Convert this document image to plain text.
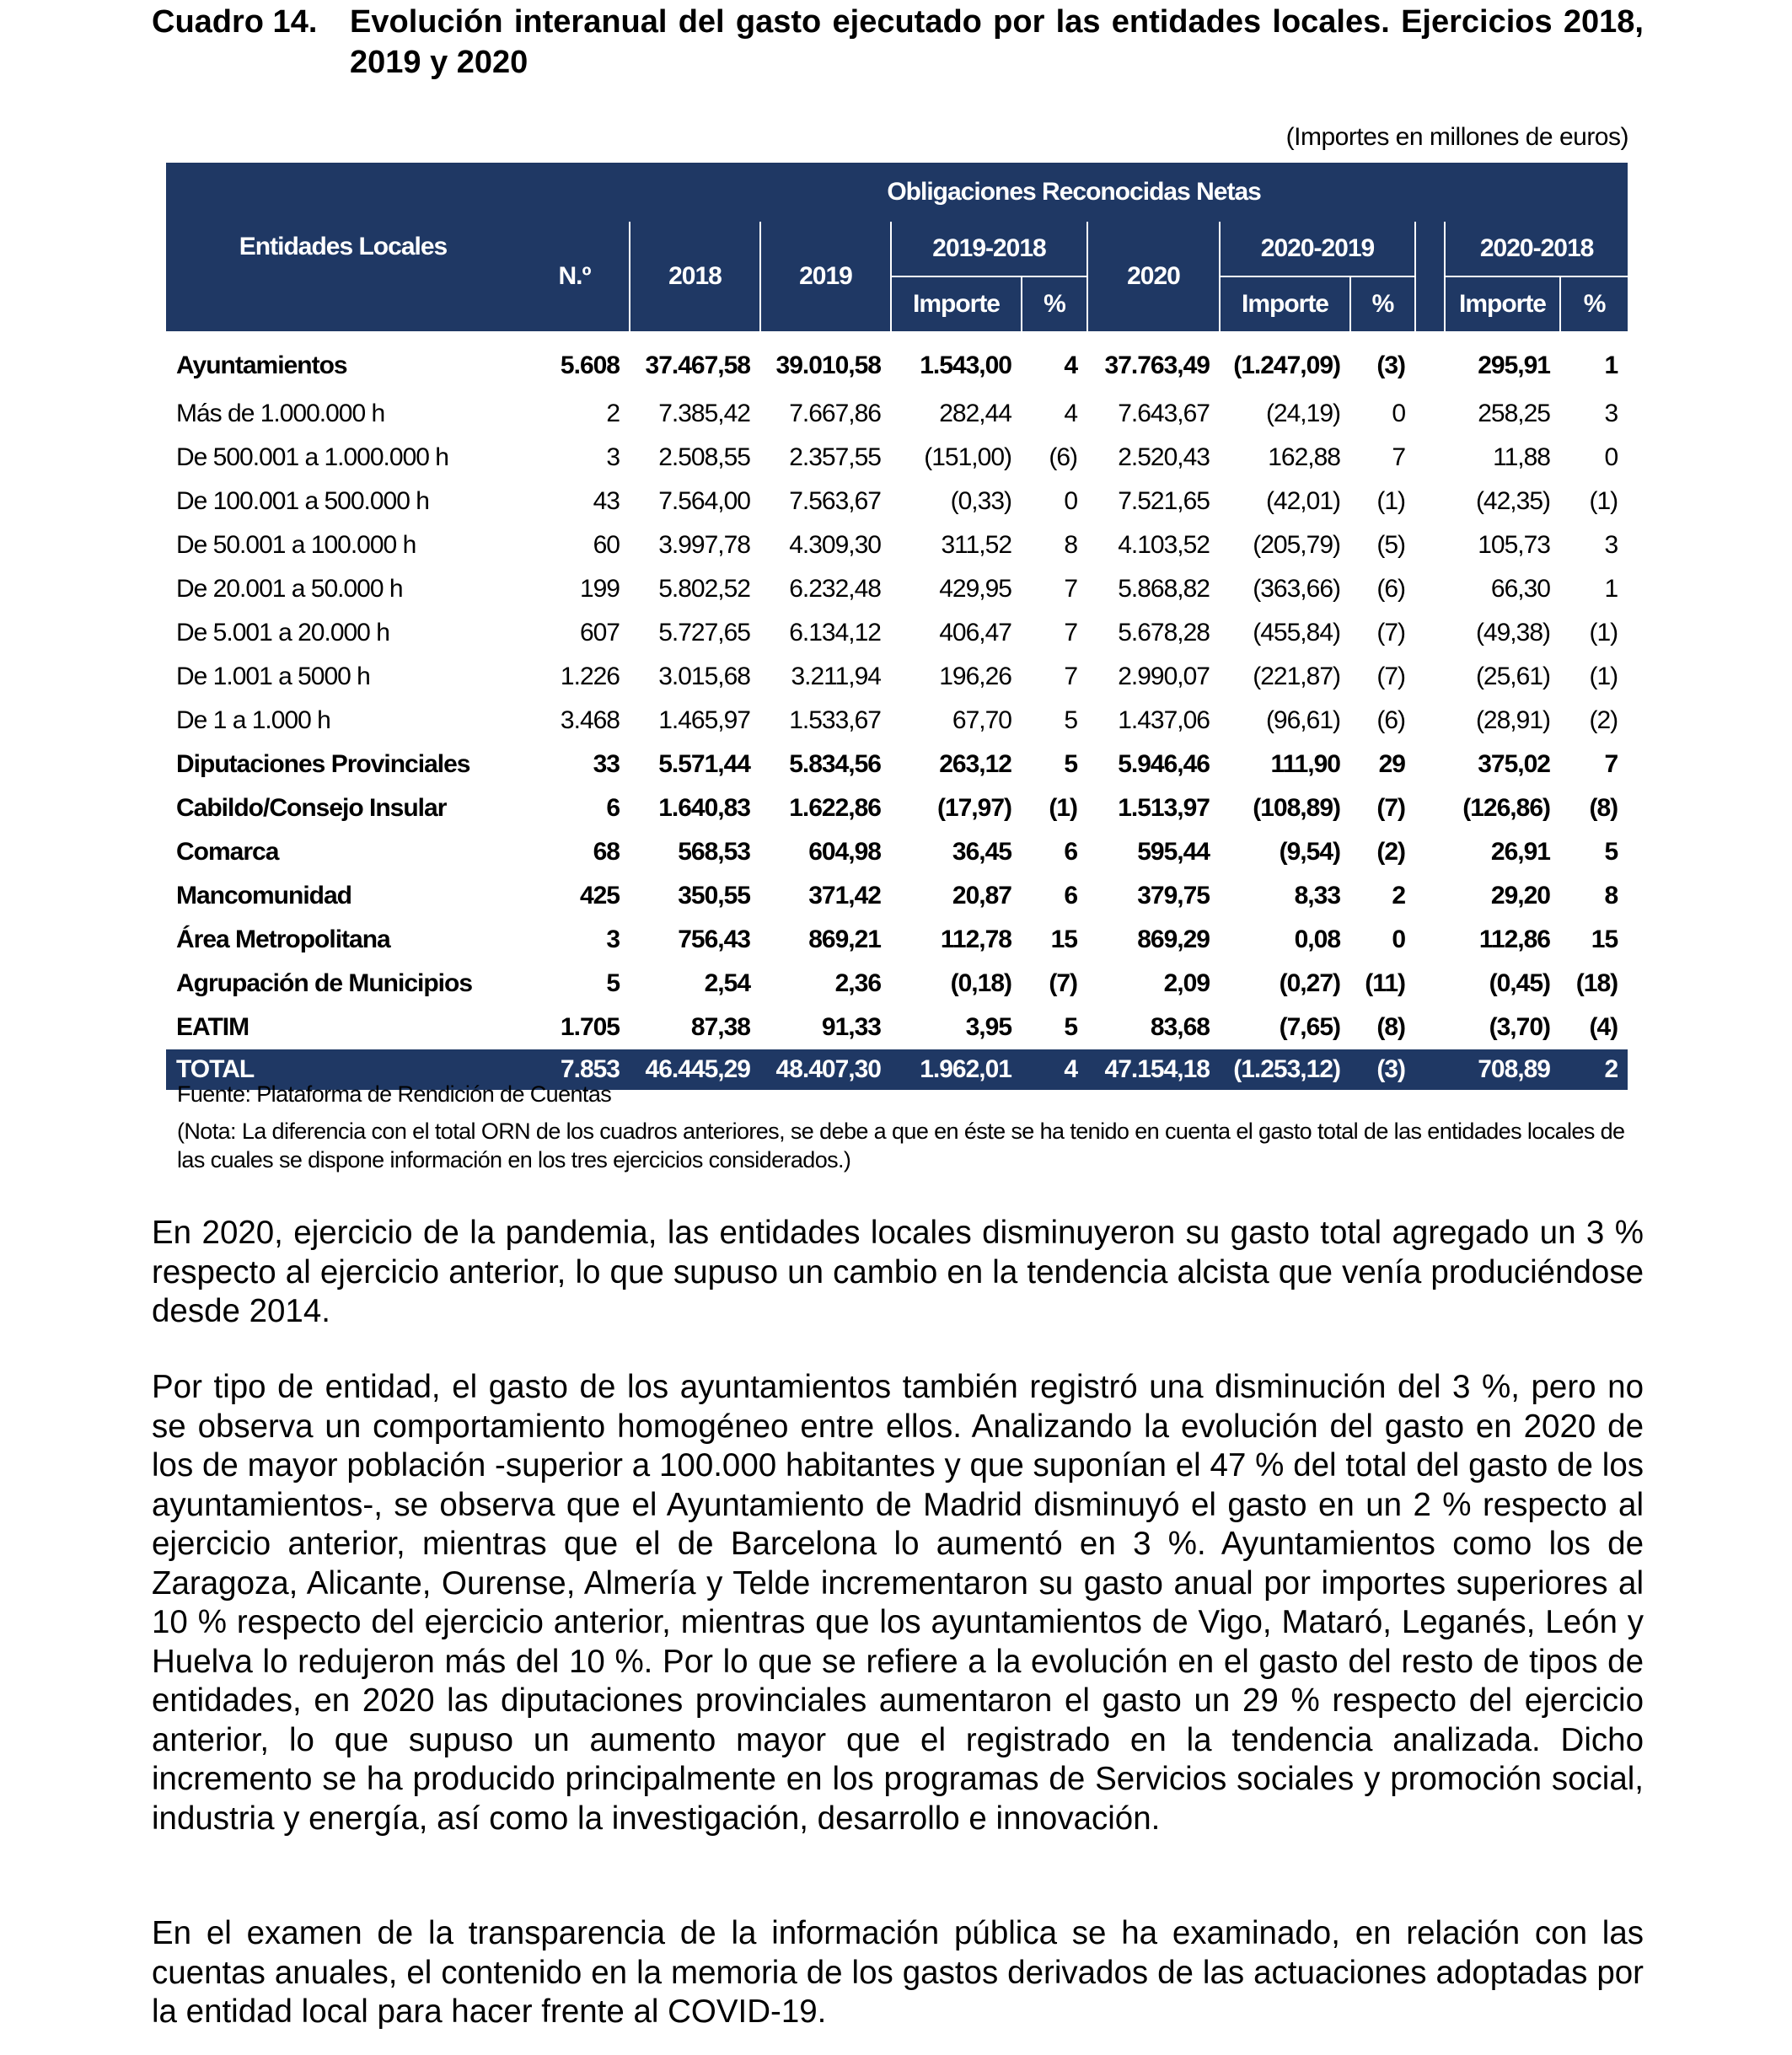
Cuadro 14.	Evolución interanual del gasto ejecutado por las entidades locales. Ejercicios 2018, 2019 y 2020
(Importes en millones de euros)
Entidades Locales	Obligaciones Reconocidas Netas										
	N.º	2018	2019	2019-2018		2020	2020-2019			2020-2018	
				Importe	%		Importe	%		Importe	%
Ayuntamientos	5.608	37.467,58	39.010,58	1.543,00	4	37.763,49	(1.247,09)	(3)		295,91	1
Más de 1.000.000 h	2	7.385,42	7.667,86	282,44	4	7.643,67	(24,19)	0		258,25	3
De 500.001 a 1.000.000 h	3	2.508,55	2.357,55	(151,00)	(6)	2.520,43	162,88	7		11,88	0
De 100.001 a 500.000 h	43	7.564,00	7.563,67	(0,33)	0	7.521,65	(42,01)	(1)		(42,35)	(1)
De 50.001 a 100.000 h	60	3.997,78	4.309,30	311,52	8	4.103,52	(205,79)	(5)		105,73	3
De 20.001 a 50.000 h	199	5.802,52	6.232,48	429,95	7	5.868,82	(363,66)	(6)		66,30	1
De 5.001 a 20.000 h	607	5.727,65	6.134,12	406,47	7	5.678,28	(455,84)	(7)		(49,38)	(1)
De 1.001 a 5000 h	1.226	3.015,68	3.211,94	196,26	7	2.990,07	(221,87)	(7)		(25,61)	(1)
De 1 a 1.000 h	3.468	1.465,97	1.533,67	67,70	5	1.437,06	(96,61)	(6)		(28,91)	(2)
Diputaciones Provinciales	33	5.571,44	5.834,56	263,12	5	5.946,46	111,90	29		375,02	7
Cabildo/Consejo Insular	6	1.640,83	1.622,86	(17,97)	(1)	1.513,97	(108,89)	(7)		(126,86)	(8)
Comarca	68	568,53	604,98	36,45	6	595,44	(9,54)	(2)		26,91	5
Mancomunidad	425	350,55	371,42	20,87	6	379,75	8,33	2		29,20	8
Área Metropolitana	3	756,43	869,21	112,78	15	869,29	0,08	0		112,86	15
Agrupación de Municipios	5	2,54	2,36	(0,18)	(7)	2,09	(0,27)	(11)		(0,45)	(18)
EATIM	1.705	87,38	91,33	3,95	5	83,68	(7,65)	(8)		(3,70)	(4)
TOTAL	7.853	46.445,29	48.407,30	1.962,01	4	47.154,18	(1.253,12)	(3)		708,89	2
Fuente: Plataforma de Rendición de Cuentas
(Nota: La diferencia con el total ORN de los cuadros anteriores, se debe a que en éste se ha tenido en cuenta el gasto total de las entidades locales de las cuales se dispone información en los tres ejercicios considerados.)

En 2020, ejercicio de la pandemia, las entidades locales disminuyeron su gasto total agregado un 3 % respecto al ejercicio anterior, lo que supuso un cambio en la tendencia alcista que venía produciéndose desde 2014.

Por tipo de entidad, el gasto de los ayuntamientos también registró una disminución del 3 %, pero no se observa un comportamiento homogéneo entre ellos. Analizando la evolución del gasto en 2020 de los de mayor población -superior a 100.000 habitantes y que suponían el 47 % del total del gasto de los ayuntamientos-, se observa que el Ayuntamiento de Madrid disminuyó el gasto en un 2 % respecto al ejercicio anterior, mientras que el de Barcelona lo aumentó en 3 %. Ayuntamientos como los de Zaragoza, Alicante, Ourense, Almería y Telde incrementaron su gasto anual por importes superiores al 10 % respecto del ejercicio anterior, mientras que los ayuntamientos de Vigo, Mataró, Leganés, León y Huelva lo redujeron más del 10 %. Por lo que se refiere a la evolución en el gasto del resto de tipos de entidades, en 2020 las diputaciones provinciales aumentaron el gasto un 29 % respecto del ejercicio anterior, lo que supuso un aumento mayor que el registrado en la tendencia analizada. Dicho incremento se ha producido principalmente en los programas de Servicios sociales y promoción social, industria y energía, así como la investigación, desarrollo e innovación.

En el examen de la transparencia de la información pública se ha examinado, en relación con las cuentas anuales, el contenido en la memoria de los gastos derivados de las actuaciones adoptadas por la entidad local para hacer frente al COVID-19.
